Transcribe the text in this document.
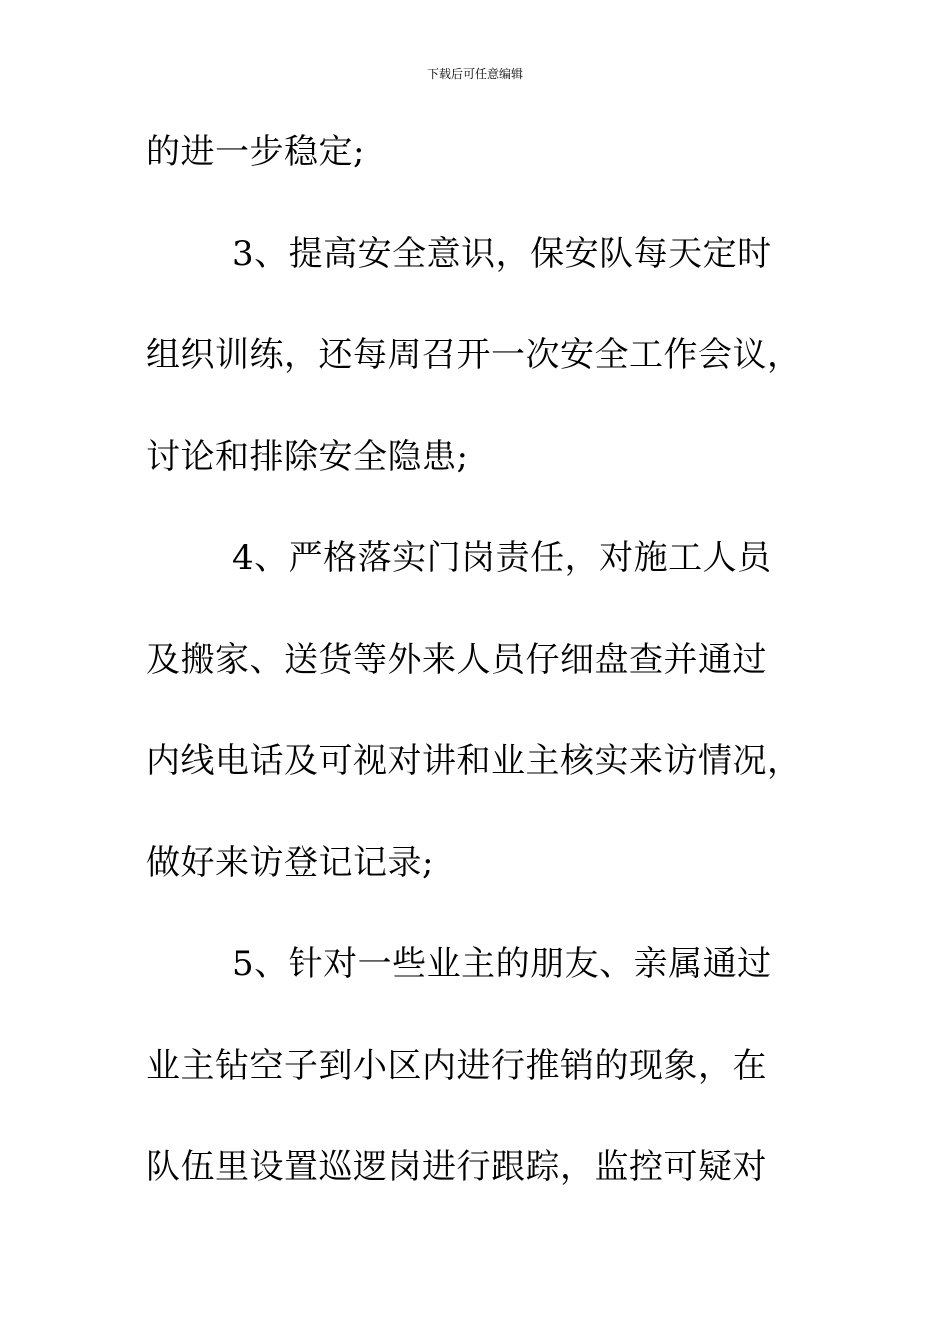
下载后可任意编辑
的进一步稳定;
3、提高安全意识，保安队每天定时
组织训练，还每周召开一次安全工作会议，
讨论和排除安全隐患;
4、严格落实门岗责任，对施工人员
及搬家、送货等外来人员仔细盘查并通过
内线电话及可视对讲和业主核实来访情况，
做好来访登记记录;
5、针对一些业主的朋友、亲属通过
业主钻空子到小区内进行推销的现象，在
队伍里设置巡逻岗进行跟踪，监控可疑对
